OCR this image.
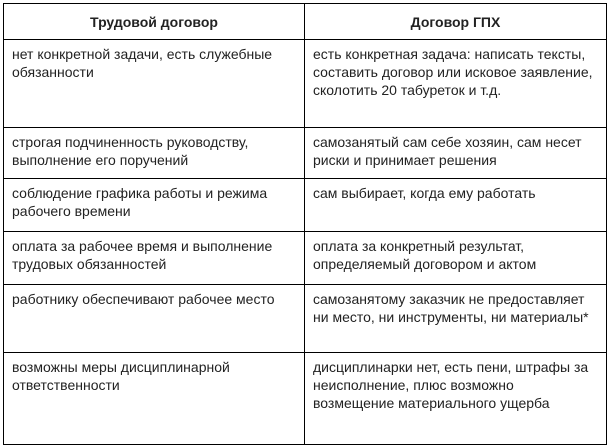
Трудовой договор	Договор ГПХ
нет конкретной задачи, есть служебные обязанности	есть конкретная задача: написать тексты, составить договор или исковое заявление, сколотить 20 табуреток и т.д.
строгая подчиненность руководству, выполнение его поручений	самозанятый сам себе хозяин, сам несет риски и принимает решения
соблюдение графика работы и режима рабочего времени	сам выбирает, когда ему работать
оплата за рабочее время и выполнение трудовых обязанностей	оплата за конкретный результат, определяемый договором и актом
работнику обеспечивают рабочее место	самозанятому заказчик не предоставляет ни место, ни инструменты, ни материалы*
возможны меры дисциплинарной ответственности	дисциплинарки нет, есть пени, штрафы за неисполнение, плюс возможно возмещение материального ущерба
